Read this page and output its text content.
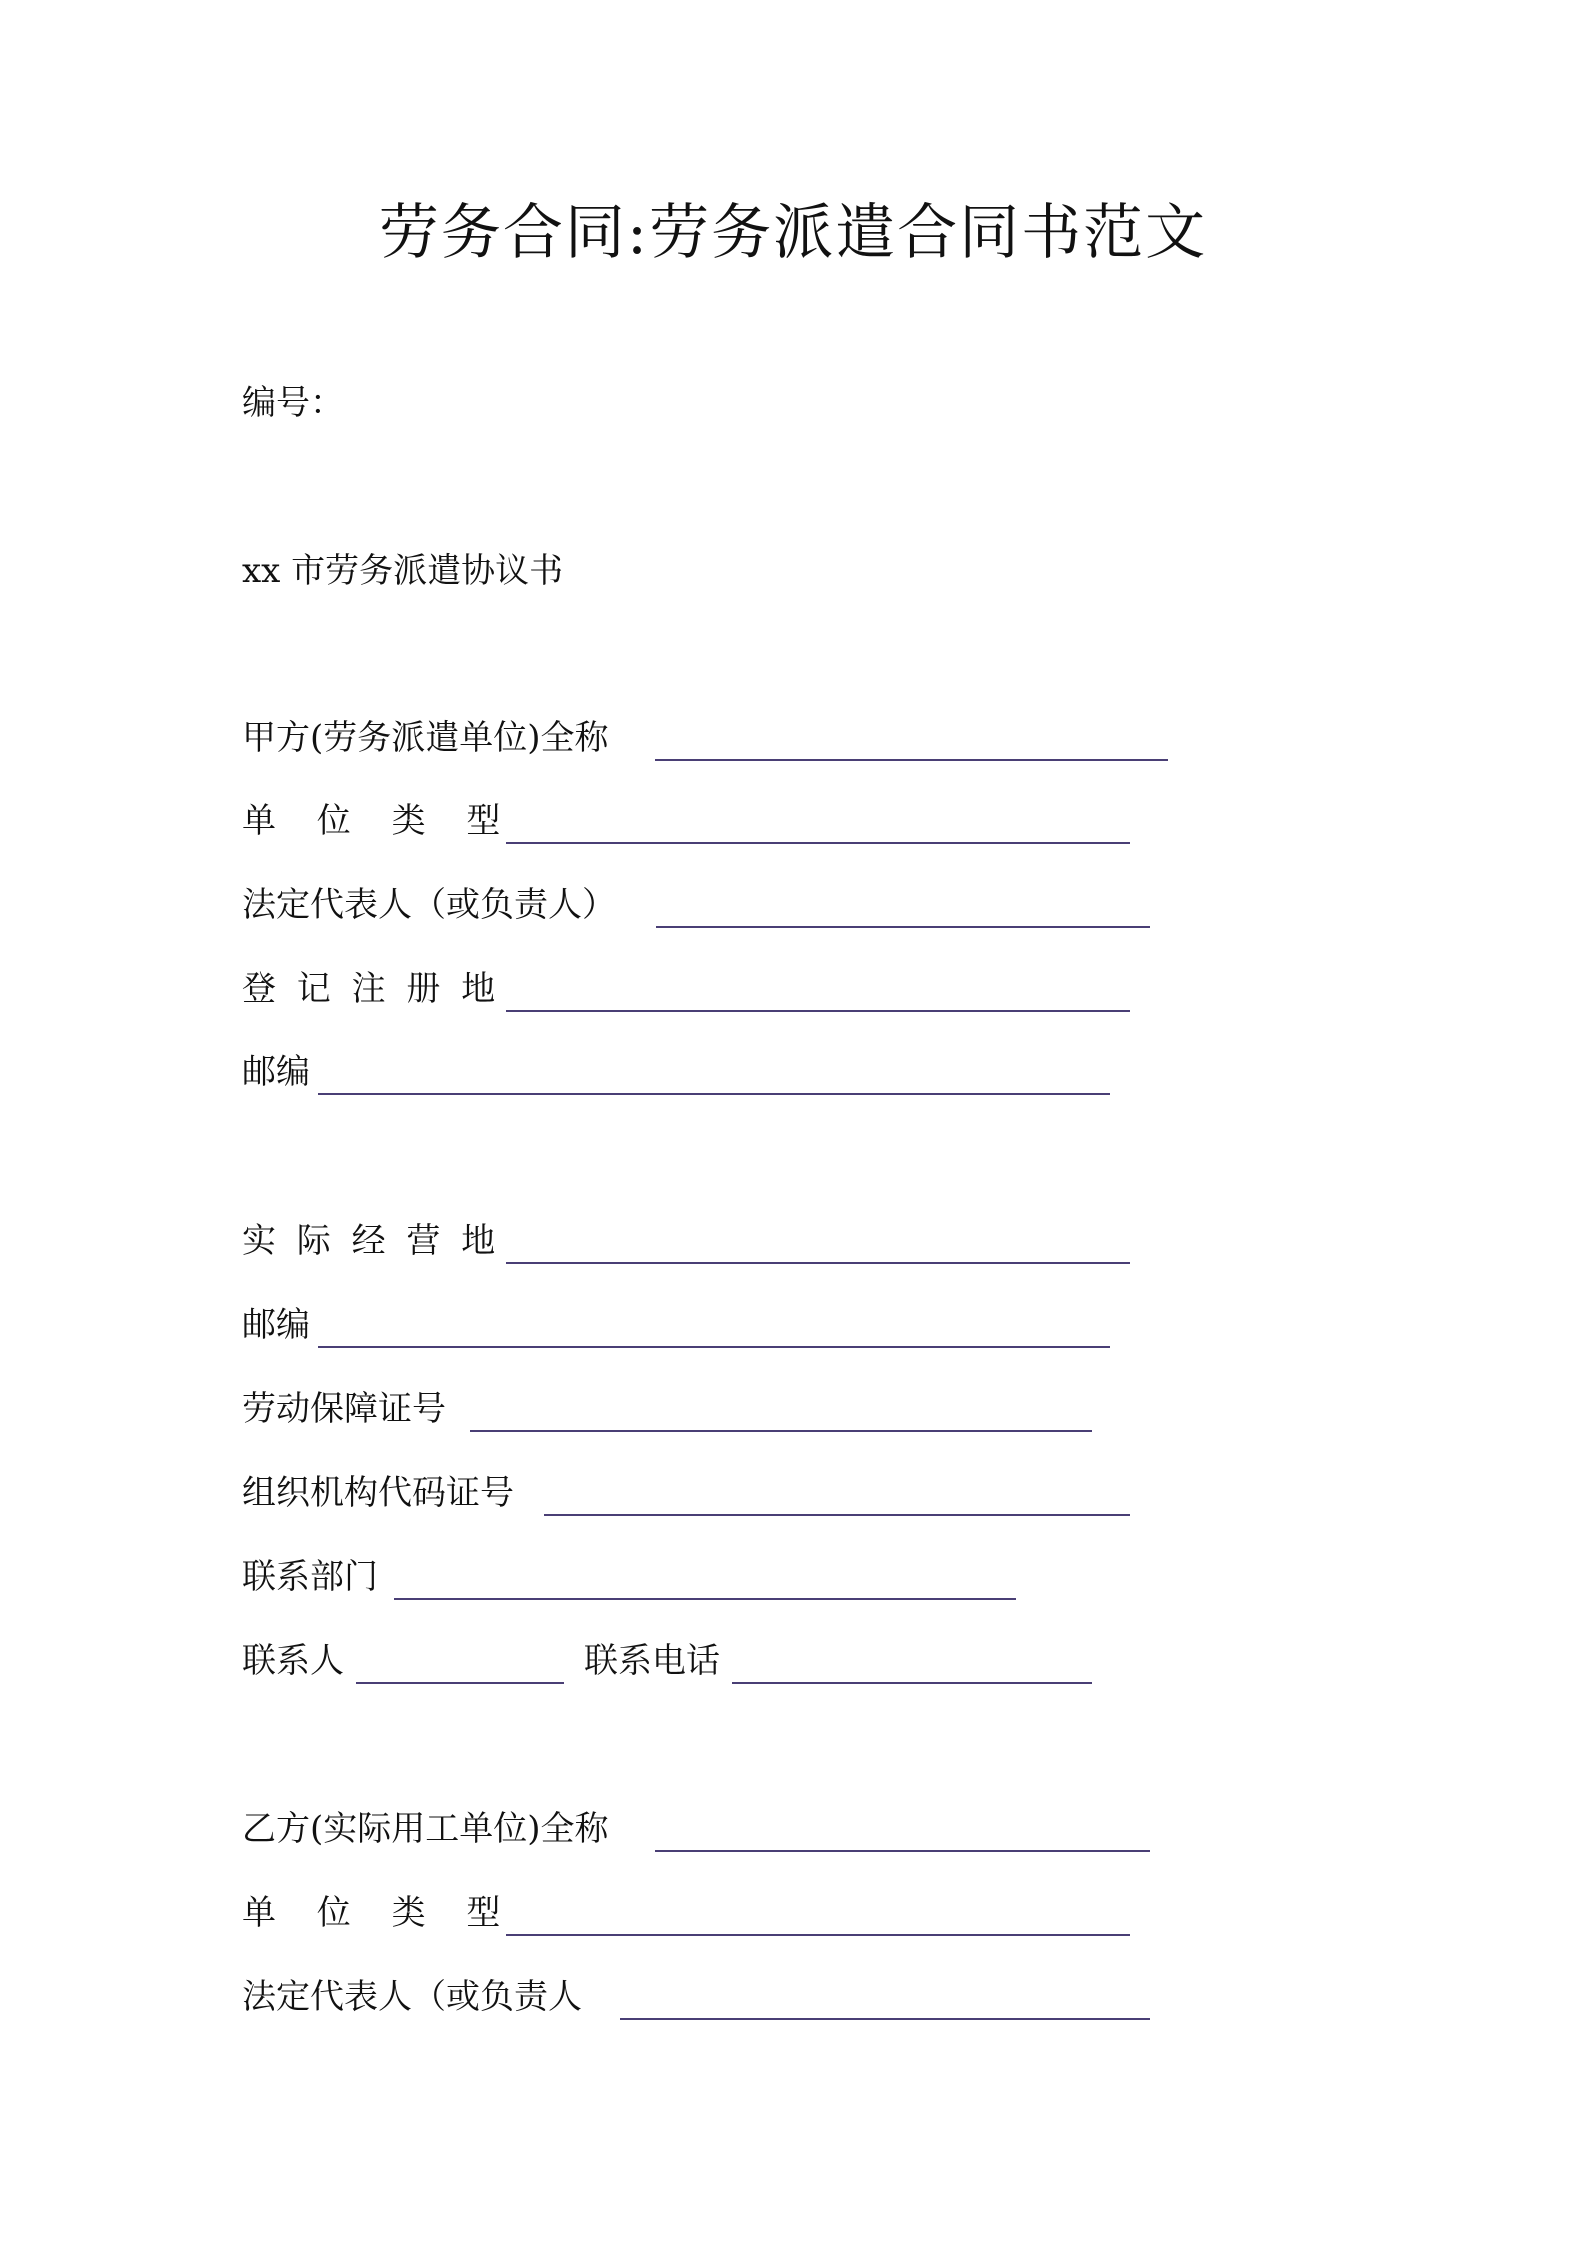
劳务合同:劳务派遣合同书范文
编号：
xx 市劳务派遣协议书
甲方(劳务派遣单位)全称
单 位 类 型
法定代表人（或负责人）
登 记 注 册 地
邮编
实 际 经 营 地
邮编
劳动保障证号
组织机构代码证号
联系部门
联系人	联系电话
乙方(实际用工单位)全称
单 位 类 型
法定代表人（或负责人
